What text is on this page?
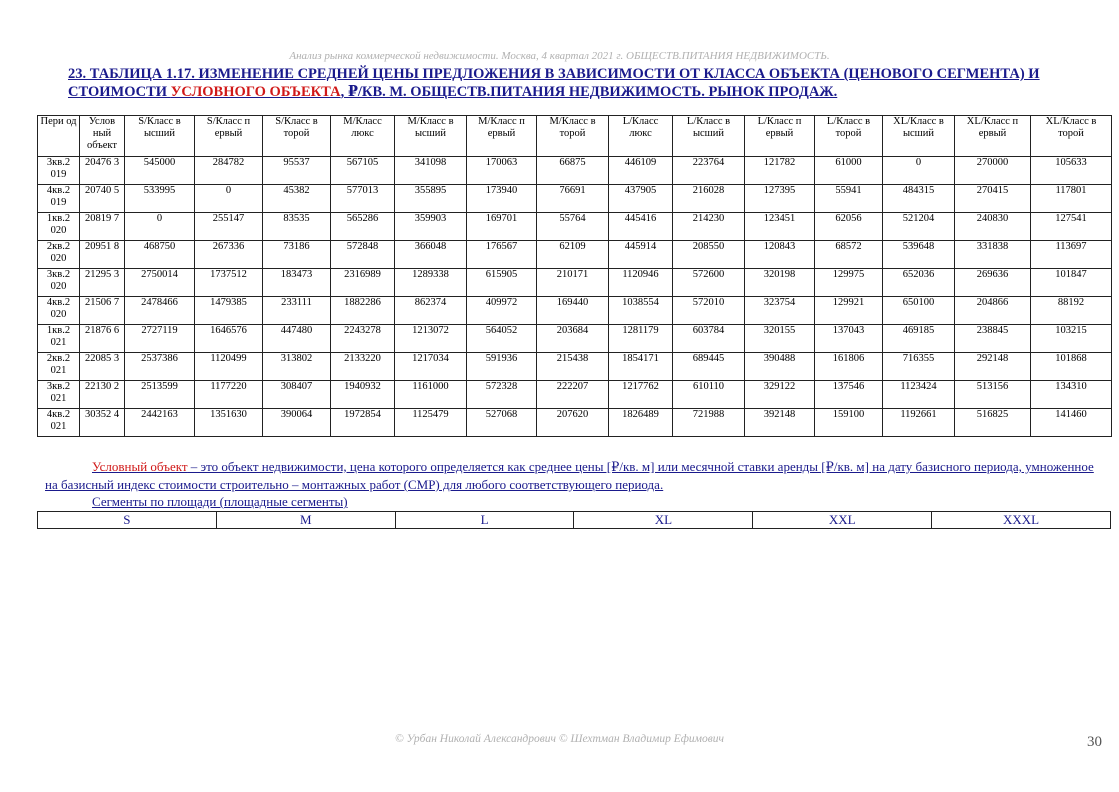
Анализ рынка коммерческой недвижимости. Москва, 4 квартал 2021 г. ОБЩЕСТВ.ПИТАНИЯ НЕДВИЖИМОСТЬ.
23. ТАБЛИЦА 1.17. ИЗМЕНЕНИЕ СРЕДНЕЙ ЦЕНЫ ПРЕДЛОЖЕНИЯ В ЗАВИСИМОСТИ ОТ КЛАССА ОБЪЕКТА (ЦЕНОВОГО СЕГМЕНТА) И СТОИМОСТИ УСЛОВНОГО ОБЪЕКТА, ₽/КВ. М. ОБЩЕСТВ.ПИТАНИЯ НЕДВИЖИМОСТЬ. РЫНОК ПРОДАЖ.
Пери од	Услов ный объект	S/Класс в ысший	S/Класс п ервый	S/Класс в торой	M/Класс люкс	M/Класс в ысший	M/Класс п ервый	M/Класс в торой	L/Класс люкс	L/Класс в ысший	L/Класс п ервый	L/Класс в торой	XL/Класс в ысший	XL/Класс п ервый	XL/Класс в торой
3кв.2 019	20476 3	545000	284782	95537	567105	341098	170063	66875	446109	223764	121782	61000	0	270000	105633
4кв.2 019	20740 5	533995	0	45382	577013	355895	173940	76691	437905	216028	127395	55941	484315	270415	117801
1кв.2 020	20819 7	0	255147	83535	565286	359903	169701	55764	445416	214230	123451	62056	521204	240830	127541
2кв.2 020	20951 8	468750	267336	73186	572848	366048	176567	62109	445914	208550	120843	68572	539648	331838	113697
3кв.2 020	21295 3	2750014	1737512	183473	2316989	1289338	615905	210171	1120946	572600	320198	129975	652036	269636	101847
4кв.2 020	21506 7	2478466	1479385	233111	1882286	862374	409972	169440	1038554	572010	323754	129921	650100	204866	88192
1кв.2 021	21876 6	2727119	1646576	447480	2243278	1213072	564052	203684	1281179	603784	320155	137043	469185	238845	103215
2кв.2 021	22085 3	2537386	1120499	313802	2133220	1217034	591936	215438	1854171	689445	390488	161806	716355	292148	101868
3кв.2 021	22130 2	2513599	1177220	308407	1940932	1161000	572328	222207	1217762	610110	329122	137546	1123424	513156	134310
4кв.2 021	30352 4	2442163	1351630	390064	1972854	1125479	527068	207620	1826489	721988	392148	159100	1192661	516825	141460
Условный объект – это объект недвижимости, цена которого определяется как среднее цены [₽/кв. м] или месячной ставки аренды [₽/кв. м] на дату базисного периода, умноженное на базисный индекс стоимости строительно – монтажных работ (СМР) для любого соответствующего периода.
Сегменты по площади (площадные сегменты)
S	M	L	XL	XXL	XXXL
© Урбан Николай Александрович © Шехтман Владимир Ефимович	30
